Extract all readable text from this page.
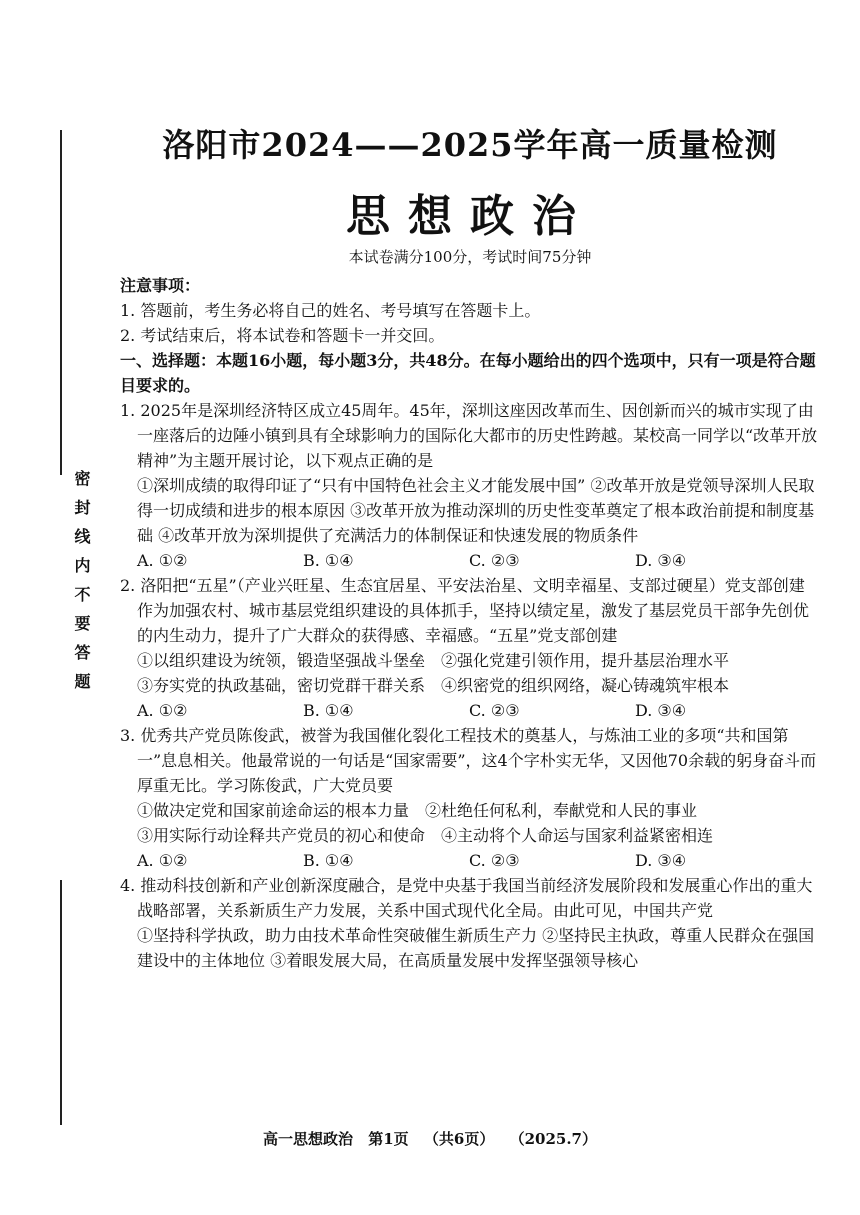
密封线内不要答题
洛阳市2024——2025学年高一质量检测
思想政治
本试卷满分100分，考试时间75分钟

注意事项：

1. 答题前，考生务必将自己的姓名、考号填写在答题卡上。

2. 考试结束后，将本试卷和答题卡一并交回。

一、选择题：本题16小题，每小题3分，共48分。在每小题给出的四个选项中，只有一项是符合题目要求的。

1. 2025年是深圳经济特区成立45周年。45年，深圳这座因改革而生、因创新而兴的城市实现了由一座落后的边陲小镇到具有全球影响力的国际化大都市的历史性跨越。某校高一同学以“改革开放精神”为主题开展讨论，以下观点正确的是

①深圳成绩的取得印证了“只有中国特色社会主义才能发展中国” ②改革开放是党领导深圳人民取得一切成绩和进步的根本原因 ③改革开放为推动深圳的历史性变革奠定了根本政治前提和制度基础 ④改革开放为深圳提供了充满活力的体制保证和快速发展的物质条件

A. ①②	B. ①④	C. ②③	D. ③④

2. 洛阳把“五星”（产业兴旺星、生态宜居星、平安法治星、文明幸福星、支部过硬星）党支部创建作为加强农村、城市基层党组织建设的具体抓手，坚持以绩定星，激发了基层党员干部争先创优的内生动力，提升了广大群众的获得感、幸福感。“五星”党支部创建

①以组织建设为统领，锻造坚强战斗堡垒　②强化党建引领作用，提升基层治理水平

③夯实党的执政基础，密切党群干群关系　④织密党的组织网络，凝心铸魂筑牢根本

A. ①②	B. ①④	C. ②③	D. ③④

3. 优秀共产党员陈俊武，被誉为我国催化裂化工程技术的奠基人，与炼油工业的多项“共和国第一”息息相关。他最常说的一句话是“国家需要”，这4个字朴实无华，又因他70余载的躬身奋斗而厚重无比。学习陈俊武，广大党员要

①做决定党和国家前途命运的根本力量　②杜绝任何私利，奉献党和人民的事业

③用实际行动诠释共产党员的初心和使命　④主动将个人命运与国家利益紧密相连

A. ①②	B. ①④	C. ②③	D. ③④

4. 推动科技创新和产业创新深度融合，是党中央基于我国当前经济发展阶段和发展重心作出的重大战略部署，关系新质生产力发展，关系中国式现代化全局。由此可见，中国共产党

①坚持科学执政，助力由技术革命性突破催生新质生产力 ②坚持民主执政，尊重人民群众在强国建设中的主体地位 ③着眼发展大局，在高质量发展中发挥坚强领导核心

高一思想政治 第1页 （共6页） （2025.7）
